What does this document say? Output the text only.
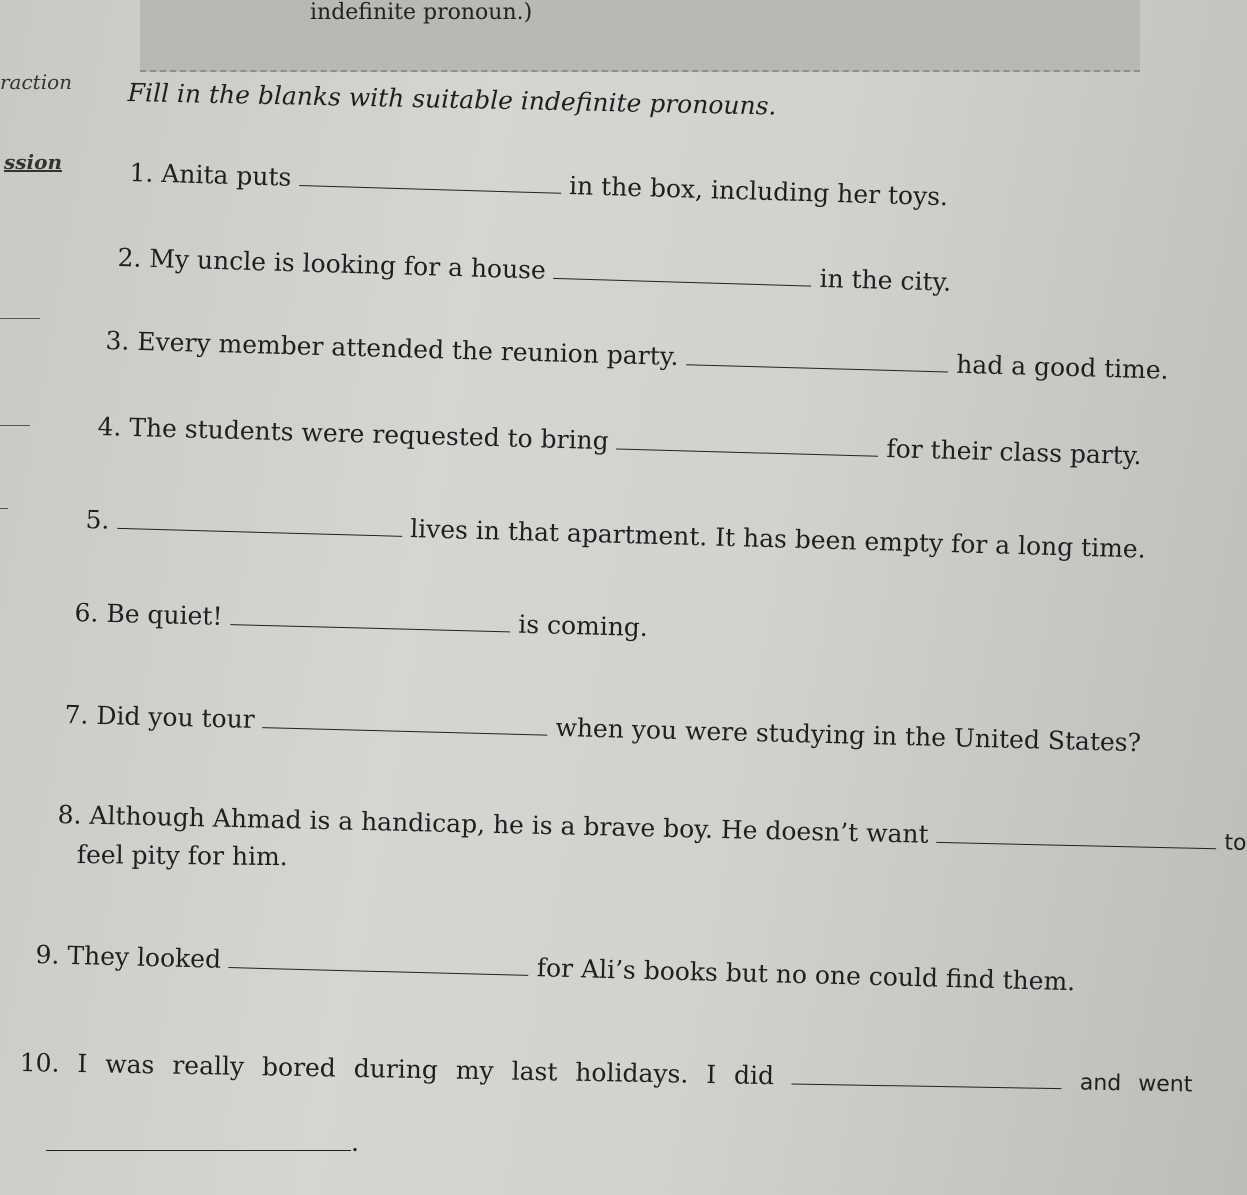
indefinite pronoun.)
raction
ssion
Fill in the blanks with suitable indefinite pronouns.
1. Anita puts	in the box, including her toys.
2. My uncle is looking for a house	in the city.
3. Every member attended the reunion party.	had a good time.
4. The students were requested to bring	for their class party.
5.	lives in that apartment. It has been empty for a long time.
6. Be quiet!	is coming.
7. Did you tour	when you were studying in the United States?
8. Although Ahmad is a handicap, he is a brave boy. He doesn’t want	to
feel pity for him.
9. They looked	for Ali’s books but no one could find them.
10. I was really bored during my last holidays. I did	and went
.
